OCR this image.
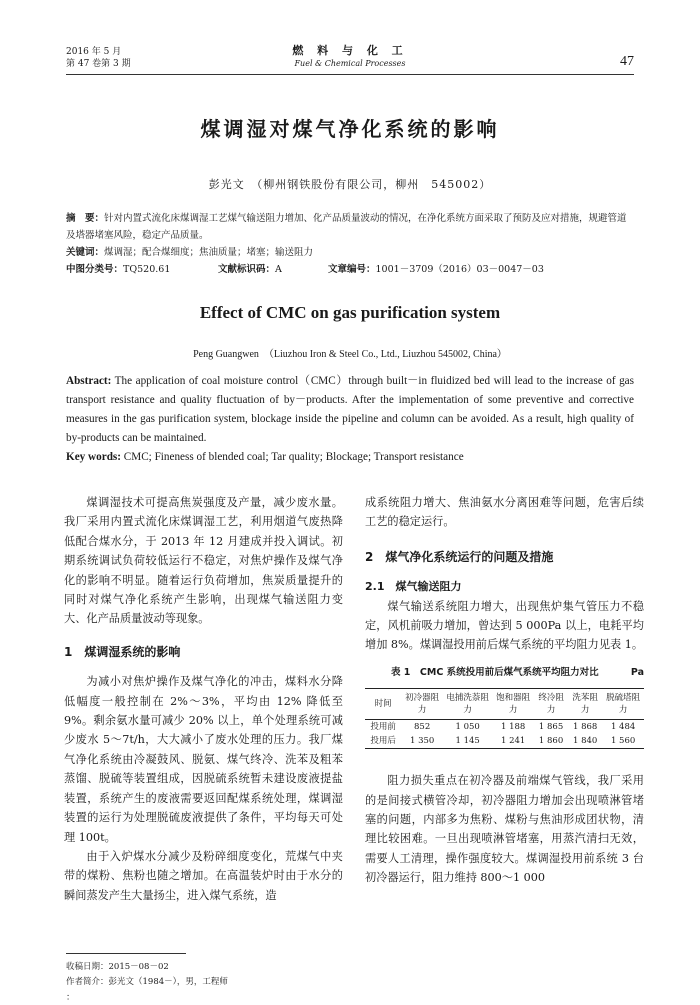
2016 年 5 月
第 47 卷第 3 期
燃 料 与 化 工
Fuel & Chemical Processes	47
煤调湿对煤气净化系统的影响
彭光文　（柳州钢铁股份有限公司，柳州　545002）
摘　要：针对内置式流化床煤调湿工艺煤气输送阻力增加、化产品质量波动的情况，在净化系统方面采取了预防及应对措施，规避管道及塔器堵塞风险，稳定产品质量。
关键词：煤调湿；配合煤细度；焦油质量；堵塞；输送阻力
中图分类号：TQ520.61	文献标识码：A	文章编号：1001－3709（2016）03－0047－03
Effect of CMC on gas purification system
Peng Guangwen　（Liuzhou Iron & Steel Co., Ltd., Liuzhou 545002, China）
Abstract: The application of coal moisture control（CMC）through built－in fluidized bed will lead to the increase of gas transport resistance and quality fluctuation of by－products. After the implementation of some preventive and corrective measures in the gas purification system, blockage inside the pipeline and column can be avoided. As a result, high quality of by-products can be maintained.
Key words: CMC; Fineness of blended coal; Tar quality; Blockage; Transport resistance

煤调湿技术可提高焦炭强度及产量，减少废水量。我厂采用内置式流化床煤调湿工艺，利用烟道气废热降低配合煤水分，于 2013 年 12 月建成并投入调试。初期系统调试负荷较低运行不稳定，对焦炉操作及煤气净化的影响不明显。随着运行负荷增加，焦炭质量提升的同时对煤气净化系统产生影响，出现煤气输送阻力变大、化产品质量波动等现象。

1　煤调湿系统的影响

为减小对焦炉操作及煤气净化的冲击，煤料水分降低幅度一般控制在 2%～3%，平均由 12% 降低至 9%。剩余氨水量可减少 20% 以上，单个处理系统可减少废水 5～7t/h，大大减小了废水处理的压力。我厂煤气净化系统由冷凝鼓风、脱氨、煤气终冷、洗苯及粗苯蒸馏、脱硫等装置组成，因脱硫系统暂未建设废液提盐装置，系统产生的废液需要返回配煤系统处理，煤调湿装置的运行为处理脱硫废液提供了条件，平均每天可处理 100t。

由于入炉煤水分减少及粉碎细度变化，荒煤气中夹带的煤粉、焦粉也随之增加。在高温装炉时由于水分的瞬间蒸发产生大量扬尘，进入煤气系统，造

成系统阻力增大、焦油氨水分离困难等问题，危害后续工艺的稳定运行。

2　煤气净化系统运行的问题及措施
2.1　煤气输送阻力

煤气输送系统阻力增大，出现焦炉集气管压力不稳定，风机前吸力增加，曾达到 5 000Pa 以上，电耗平均增加 8%。煤调湿投用前后煤气系统的平均阻力见表 1。

表 1　CMC 系统投用前后煤气系统平均阻力对比	Pa
时间	初冷器阻力	电捕洗萘阻力	饱和器阻力	终冷阻力	洗苯阻力	脱硫塔阻力
投用前	852	1 050	1 188	1 865	1 868	1 484
投用后	1 350	1 145	1 241	1 860	1 840	1 560

阻力损失重点在初冷器及前端煤气管线，我厂采用的是间接式横管冷却，初冷器阻力增加会出现喷淋管堵塞的问题，内部多为焦粉、煤粉与焦油形成团状物，清理比较困难。一旦出现喷淋管堵塞，用蒸汽清扫无效，需要人工清理，操作强度较大。煤调湿投用前系统 3 台初冷器运行，阻力维持 800～1 000

收稿日期：2015－08－02
作者简介：彭光文（1984－），男，工程师
：
